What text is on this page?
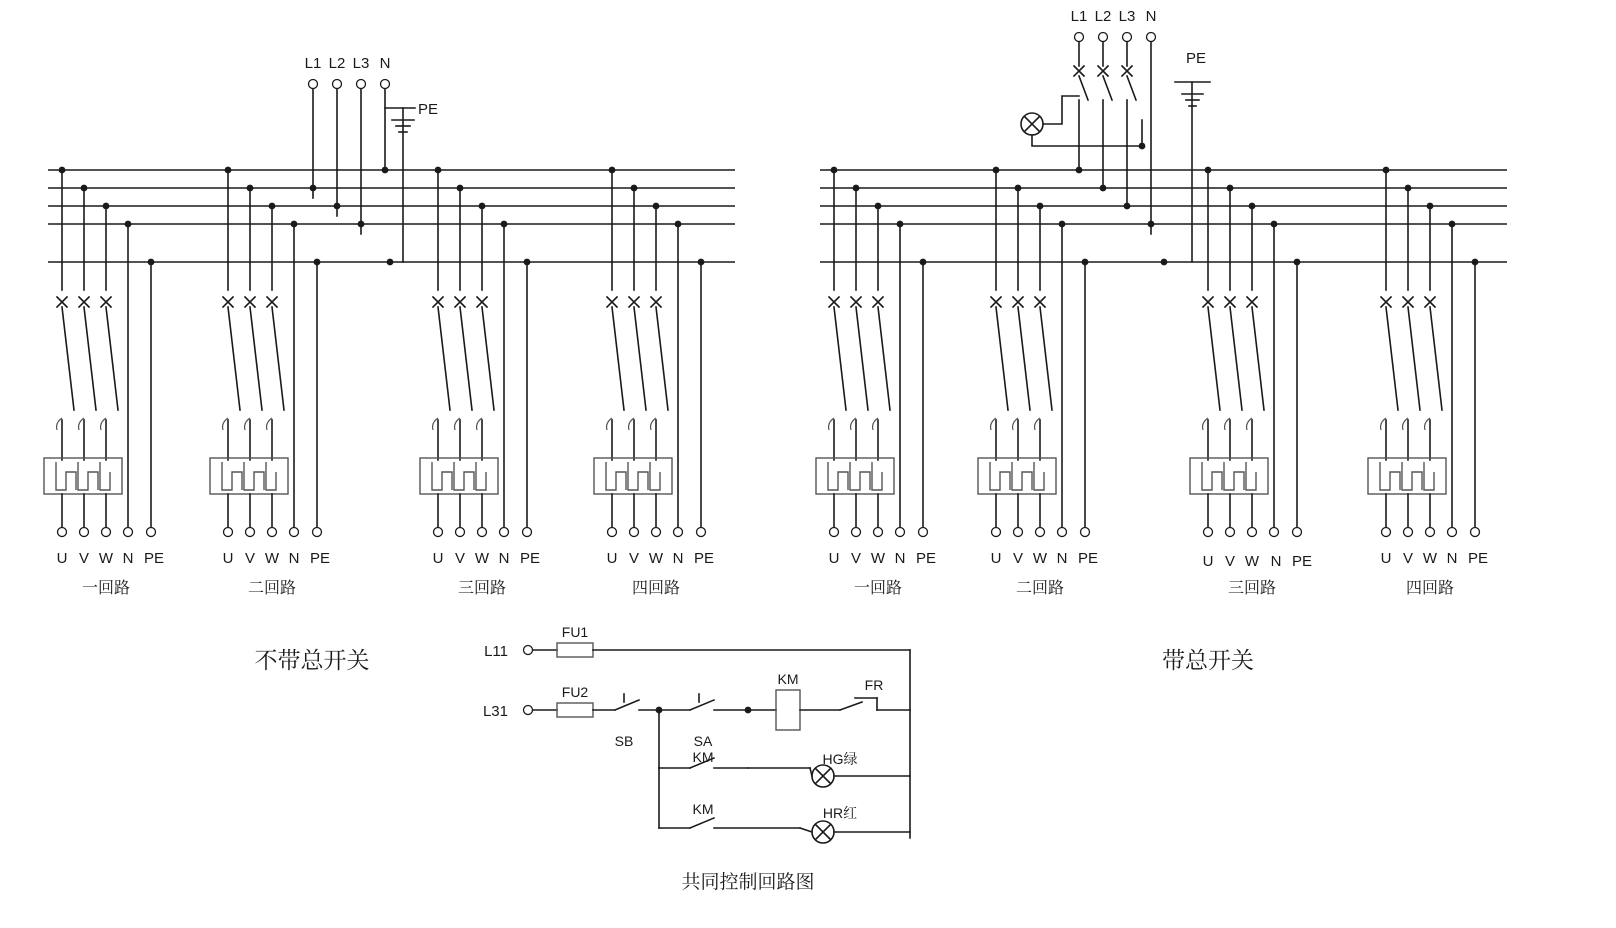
L1 L2 L3 N
PE
U V W N PE
一回路
U V W N PE
二回路
U V W N PE
三回路
U V W N PE
四回路
不带总开关
L1 L2 L3 N
PE
U V W N PE
一回路
U V W N PE
二回路
U V W N PE
三回路
U V W N PE
四回路
带总开关
L11
FU1
L31
FU2
SB	SA
KM	FR
KM	HG绿
KM	HR红
共同控制回路图
